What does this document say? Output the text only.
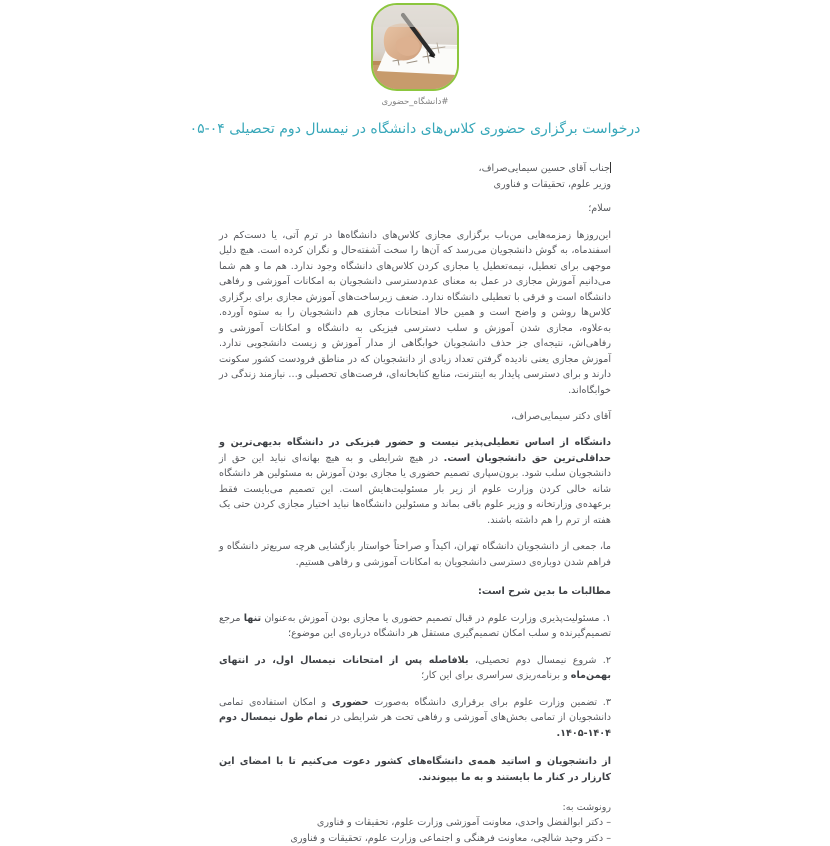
#دانشگاه_حضوری
درخواست برگزاری حضوری کلاس‌های دانشگاه در نیمسال دوم تحصیلی ۰۴-۰۵
جناب آقای حسین سیمایی‌صراف،
وزیر علوم، تحقیقات و فناوری
سلام؛

این‌روزها زمزمه‌هایی من‌باب برگزاری مجازی کلاس‌های دانشگاه‌ها در ترم آتی، یا دست‌کم در اسفندماه، به گوش دانشجویان می‌رسد که آن‌ها را سخت آشفته‌حال و نگران کرده است. هیچ دلیل موجهی برای تعطیل، نیمه‌تعطیل یا مجازی کردن کلاس‌های دانشگاه وجود ندارد. هم ما و هم شما می‌دانیم آموزش مجازی در عمل به معنای عدم‌دسترسی دانشجویان به امکانات آموزشی و رفاهی دانشگاه است و فرقی با تعطیلی دانشگاه ندارد. ضعف زیرساخت‌های آموزش مجازی برای برگزاری کلاس‌ها روشن و واضح است و همین حالا امتحانات مجازی هم دانشجویان را به ستوه آورده. به‌علاوه، مجازی شدن آموزش و سلب دسترسی فیزیکی به دانشگاه و امکانات آموزشی و رفاهی‌اش، نتیجه‌ای جز حذف دانشجویان خوابگاهی از مدار آموزش و زیست دانشجویی ندارد. آموزش مجازی یعنی نادیده گرفتن تعداد زیادی از دانشجویان که در مناطق فرودست کشور سکونت دارند و برای دسترسی پایدار به اینترنت، منابع کتابخانه‌ای، فرصت‌های تحصیلی و… نیازمند زندگی در خوابگاه‌اند.

آقای دکتر سیمایی‌صراف،

دانشگاه از اساس تعطیلی‌پذیر نیست و حضور فیزیکی در دانشگاه بدیهی‌ترین و حداقلی‌ترین حق دانشجویان است. در هیچ شرایطی و به هیچ بهانه‌ای نباید این حق از دانشجویان سلب شود. برون‌سپاری تصمیم حضوری یا مجازی بودن آموزش به مسئولین هر دانشگاه شانه خالی کردن وزارت علوم از زیر بار مسئولیت‌هایش است. این تصمیم می‌بایست فقط برعهده‌ی وزارتخانه و وزیر علوم باقی بماند و مسئولین دانشگاه‌ها نباید اختیار مجازی کردن حتی یک هفته از ترم را هم داشته باشند.

ما، جمعی از دانشجویان دانشگاه تهران، اکیداً و صراحتاً خواستار بازگشایی هرچه سریع‌تر دانشگاه و فراهم شدن دوباره‌ی دسترسی دانشجویان به امکانات آموزشی و رفاهی هستیم.

مطالبات ما بدین شرح است:
۱. مسئولیت‌پذیری وزارت علوم در قبال تصمیم حضوری یا مجازی بودن آموزش به‌عنوان تنها مرجع تصمیم‌گیرنده و سلب امکان تصمیم‌گیری مستقل هر دانشگاه درباره‌ی این موضوع؛
۲. شروع نیمسال دوم تحصیلی، بلافاصله پس از امتحانات نیمسال اول، در انتهای بهمن‌ماه و برنامه‌ریزی سراسری برای این کار؛
۳. تضمین وزارت علوم برای برقراری دانشگاه به‌صورت حضوری و امکان استفاده‌ی تمامی دانشجویان از تمامی بخش‌های آموزشی و رفاهی تحت هر شرایطی در تمام طول نیمسال دوم ۱۴۰۴-۱۴۰۵.

از دانشجویان و اساتید همه‌ی دانشگاه‌های کشور دعوت می‌کنیم تا با امضای این کارزار در کنار ما بایستند و به ما بپیوندند.

رونوشت به:
– دکتر ابوالفضل واحدی، معاونت آموزشی وزارت علوم، تحقیقات و فناوری
– دکتر وحید شالچی، معاونت فرهنگی و اجتماعی وزارت علوم، تحقیقات و فناوری
